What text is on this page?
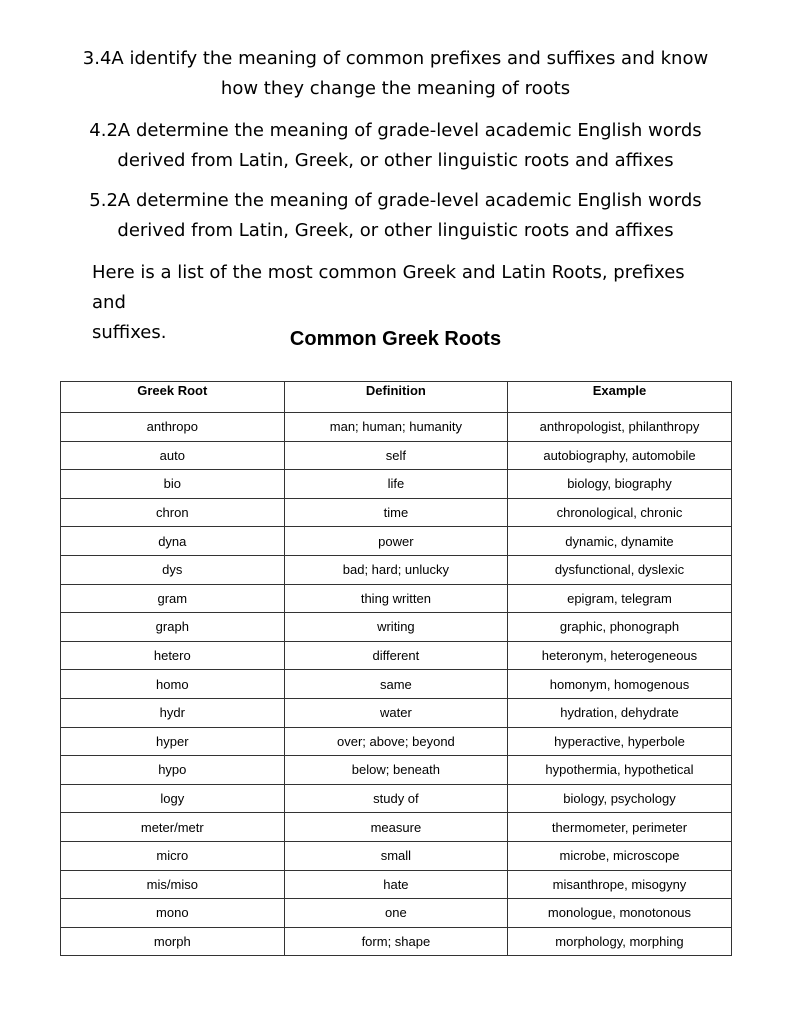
3.4A identify the meaning of common prefixes and suffixes and know
how they change the meaning of roots

4.2A determine the meaning of grade-level academic English words
derived from Latin, Greek, or other linguistic roots and affixes

5.2A determine the meaning of grade-level academic English words
derived from Latin, Greek, or other linguistic roots and affixes

Here is a list of the most common Greek and Latin Roots, prefixes and
suffixes.	Common Greek Roots
Greek Root	Definition	Example
anthropo	man; human; humanity	anthropologist, philanthropy
auto	self	autobiography, automobile
bio	life	biology, biography
chron	time	chronological, chronic
dyna	power	dynamic, dynamite
dys	bad; hard; unlucky	dysfunctional, dyslexic
gram	thing written	epigram, telegram
graph	writing	graphic, phonograph
hetero	different	heteronym, heterogeneous
homo	same	homonym, homogenous
hydr	water	hydration, dehydrate
hyper	over; above; beyond	hyperactive, hyperbole
hypo	below; beneath	hypothermia, hypothetical
logy	study of	biology, psychology
meter/metr	measure	thermometer, perimeter
micro	small	microbe, microscope
mis/miso	hate	misanthrope, misogyny
mono	one	monologue, monotonous
morph	form; shape	morphology, morphing
